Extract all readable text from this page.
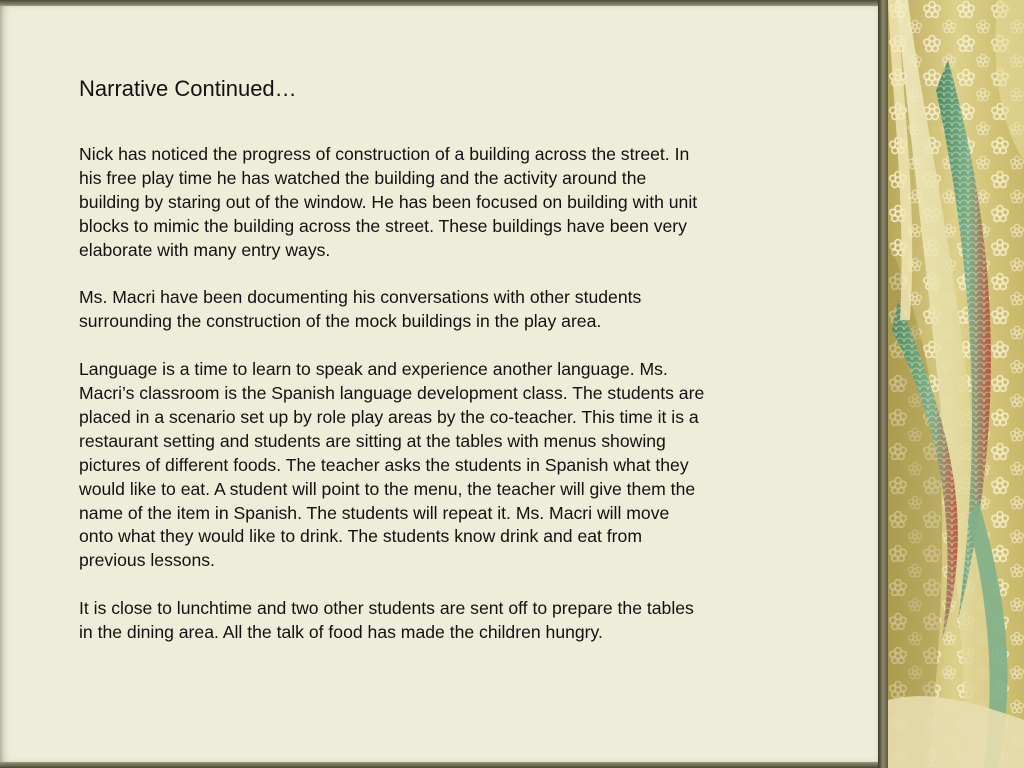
Narrative Continued…

Nick has noticed the progress of construction of a building across the street. In
his free play time he has watched the building and the activity around the
building by staring out of the window. He has been focused on building with unit
blocks to mimic the building across the street. These buildings have been very
elaborate with many entry ways.

Ms. Macri have been documenting his conversations with other students
surrounding the construction of the mock buildings in the play area.

Language is a time to learn to speak and experience another language. Ms.
Macri’s classroom is the Spanish language development class. The students are
placed in a scenario set up by role play areas by the co-teacher. This time it is a
restaurant setting and students are sitting at the tables with menus showing
pictures of different foods. The teacher asks the students in Spanish what they
would like to eat. A student will point to the menu, the teacher will give them the
name of the item in Spanish. The students will repeat it. Ms. Macri will move
onto what they would like to drink. The students know drink and eat from
previous lessons.

It is close to lunchtime and two other students are sent off to prepare the tables
in the dining area. All the talk of food has made the children hungry.
